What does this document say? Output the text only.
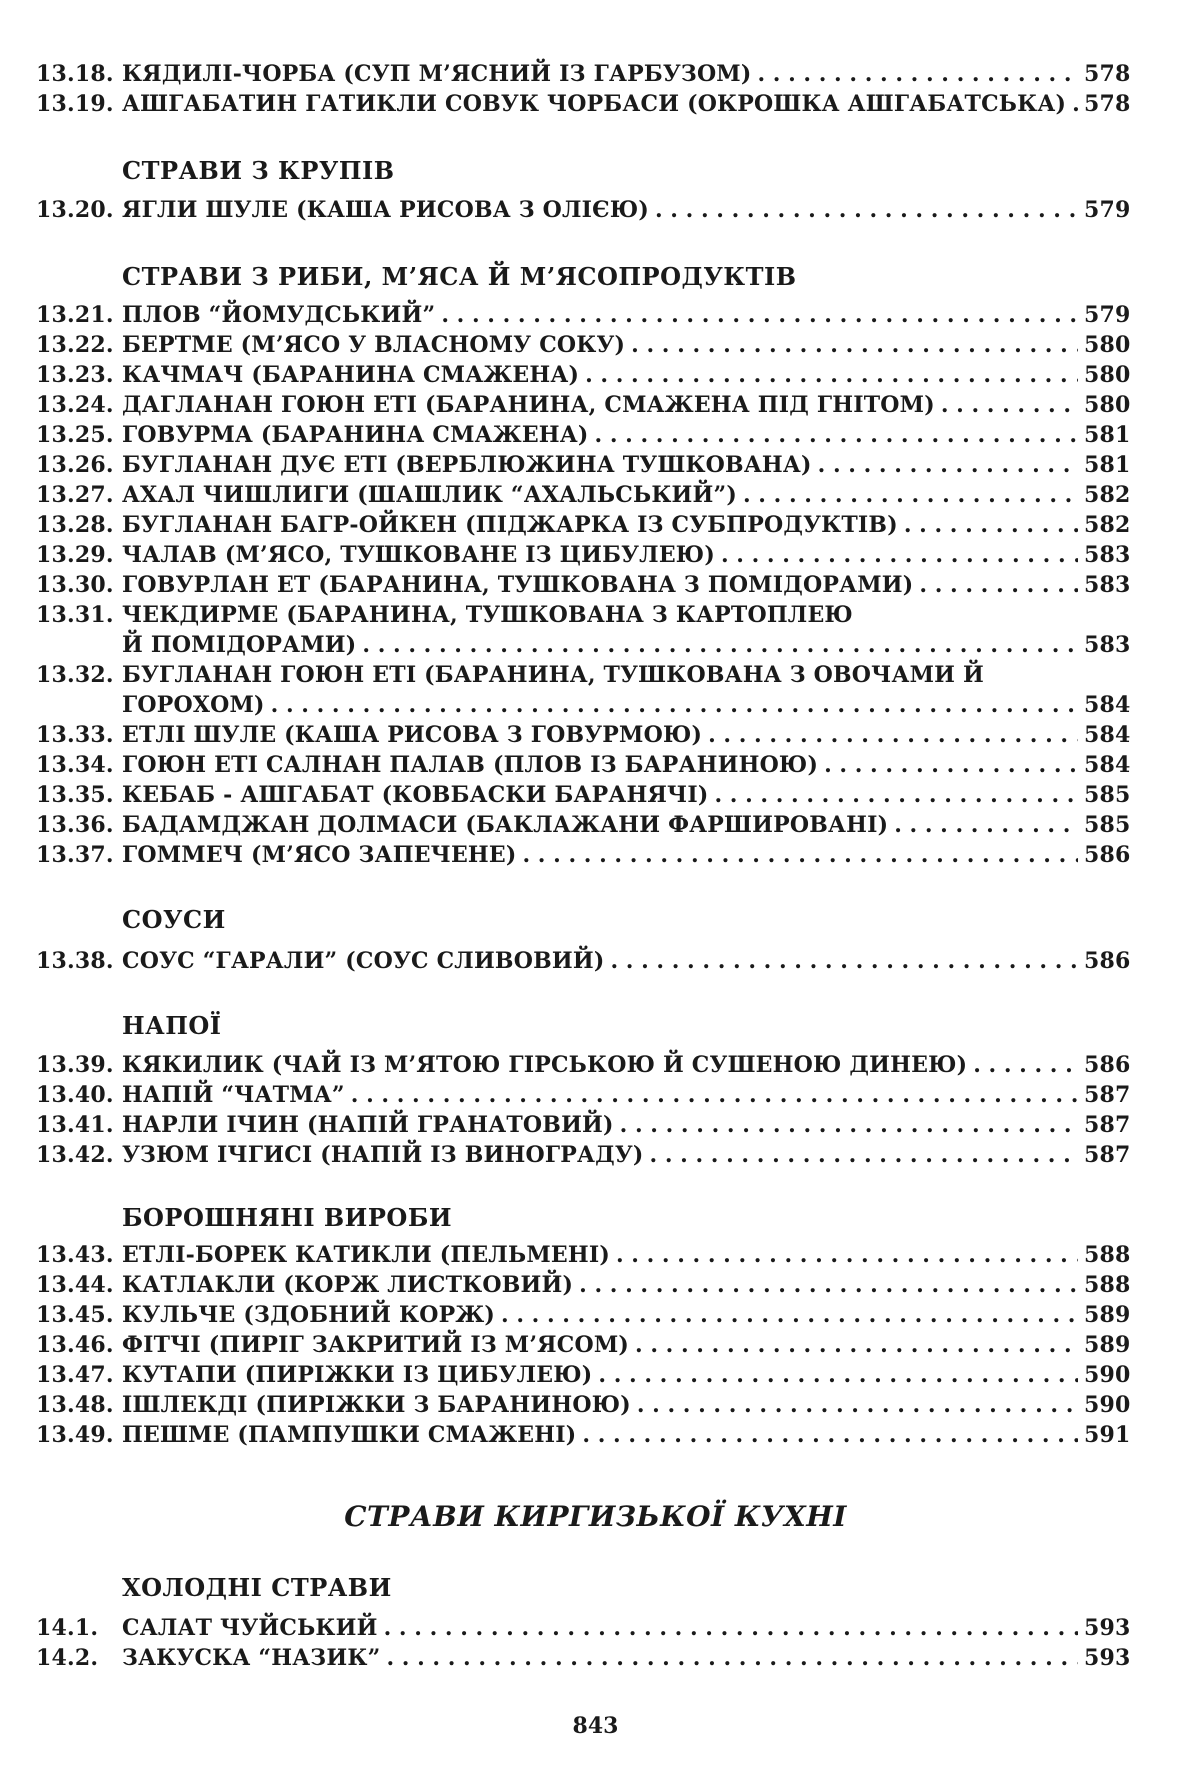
13.18. КЯДИЛІ-ЧОРБА (СУП М’ЯСНИЙ ІЗ ГАРБУЗОМ) . . .	578
13.19. АШГАБАТИН ГАТИКЛИ СОВУК ЧОРБАСИ (ОКРОШКА АШГАБАТСЬКА) . . . 578
СТРАВИ З КРУПІВ
13.20. ЯГЛИ ШУЛЕ (КАША РИСОВА З ОЛІЄЮ) . . .	579
СТРАВИ З РИБИ, М’ЯСА Й М’ЯСОПРОДУКТІВ
13.21. ПЛОВ “ЙОМУДСЬКИЙ” . . .	579
13.22. БЕРТМЕ (М’ЯСО У ВЛАСНОМУ СОКУ) . . .	580
13.23. КАЧМАЧ (БАРАНИНА СМАЖЕНА) . . .	580
13.24. ДАГЛАНАН ГОЮН ЕТІ (БАРАНИНА, СМАЖЕНА ПІД ГНІТОМ) . . .	580
13.25. ГОВУРМА (БАРАНИНА СМАЖЕНА) . . .	581
13.26. БУГЛАНАН ДУЄ ЕТІ (ВЕРБЛЮЖИНА ТУШКОВАНА) . . .	581
13.27. АХАЛ ЧИШЛИГИ (ШАШЛИК “АХАЛЬСЬКИЙ”) . . .	582
13.28. БУГЛАНАН БАГР-ОЙКЕН (ПІДЖАРКА ІЗ СУБПРОДУКТІВ) . . .	582
13.29. ЧАЛАВ (М’ЯСО, ТУШКОВАНЕ ІЗ ЦИБУЛЕЮ) . . .	583
13.30. ГОВУРЛАН ЕТ (БАРАНИНА, ТУШКОВАНА З ПОМІДОРАМИ) . . .	583
13.31. ЧЕКДИРМЕ (БАРАНИНА, ТУШКОВАНА З КАРТОПЛЕЮ
Й ПОМІДОРАМИ) . . .	583
13.32. БУГЛАНАН ГОЮН ЕТІ (БАРАНИНА, ТУШКОВАНА З ОВОЧАМИ Й
ГОРОХОМ) . . .	584
13.33. ЕТЛІ ШУЛЕ (КАША РИСОВА З ГОВУРМОЮ) . . .	584
13.34. ГОЮН ЕТІ САЛНАН ПАЛАВ (ПЛОВ ІЗ БАРАНИНОЮ) . . .	584
13.35. КЕБАБ - АШГАБАТ (КОВБАСКИ БАРАНЯЧІ) . . .	585
13.36. БАДАМДЖАН ДОЛМАСИ (БАКЛАЖАНИ ФАРШИРОВАНІ) . . .	585
13.37. ГОММЕЧ (М’ЯСО ЗАПЕЧЕНЕ) . . .	586
СОУСИ
13.38. СОУС “ГАРАЛИ” (СОУС СЛИВОВИЙ) . . .	586
НАПОЇ
13.39. КЯКИЛИК (ЧАЙ ІЗ М’ЯТОЮ ГІРСЬКОЮ Й СУШЕНОЮ ДИНЕЮ) . . .	586
13.40. НАПІЙ “ЧАТМА” . . .	587
13.41. НАРЛИ ІЧИН (НАПІЙ ГРАНАТОВИЙ) . . .	587
13.42. УЗЮМ ІЧГИСІ (НАПІЙ ІЗ ВИНОГРАДУ) . . .	587
БОРОШНЯНІ ВИРОБИ
13.43. ЕТЛІ-БОРЕК КАТИКЛИ (ПЕЛЬМЕНІ) . . .	588
13.44. КАТЛАКЛИ (КОРЖ ЛИСТКОВИЙ) . . .	588
13.45. КУЛЬЧЕ (ЗДОБНИЙ КОРЖ) . . .	589
13.46. ФІТЧІ (ПИРІГ ЗАКРИТИЙ ІЗ М’ЯСОМ) . . .	589
13.47. КУТАПИ (ПИРІЖКИ ІЗ ЦИБУЛЕЮ) . . .	590
13.48. ІШЛЕКДІ (ПИРІЖКИ З БАРАНИНОЮ) . . .	590
13.49. ПЕШМЕ (ПАМПУШКИ СМАЖЕНІ) . . .	591
СТРАВИ КИРГИЗЬКОЇ КУХНІ
ХОЛОДНІ СТРАВИ
14.1.	САЛАТ ЧУЙСЬКИЙ . . .	593
14.2.	ЗАКУСКА “НАЗИК” . . .	593
843
